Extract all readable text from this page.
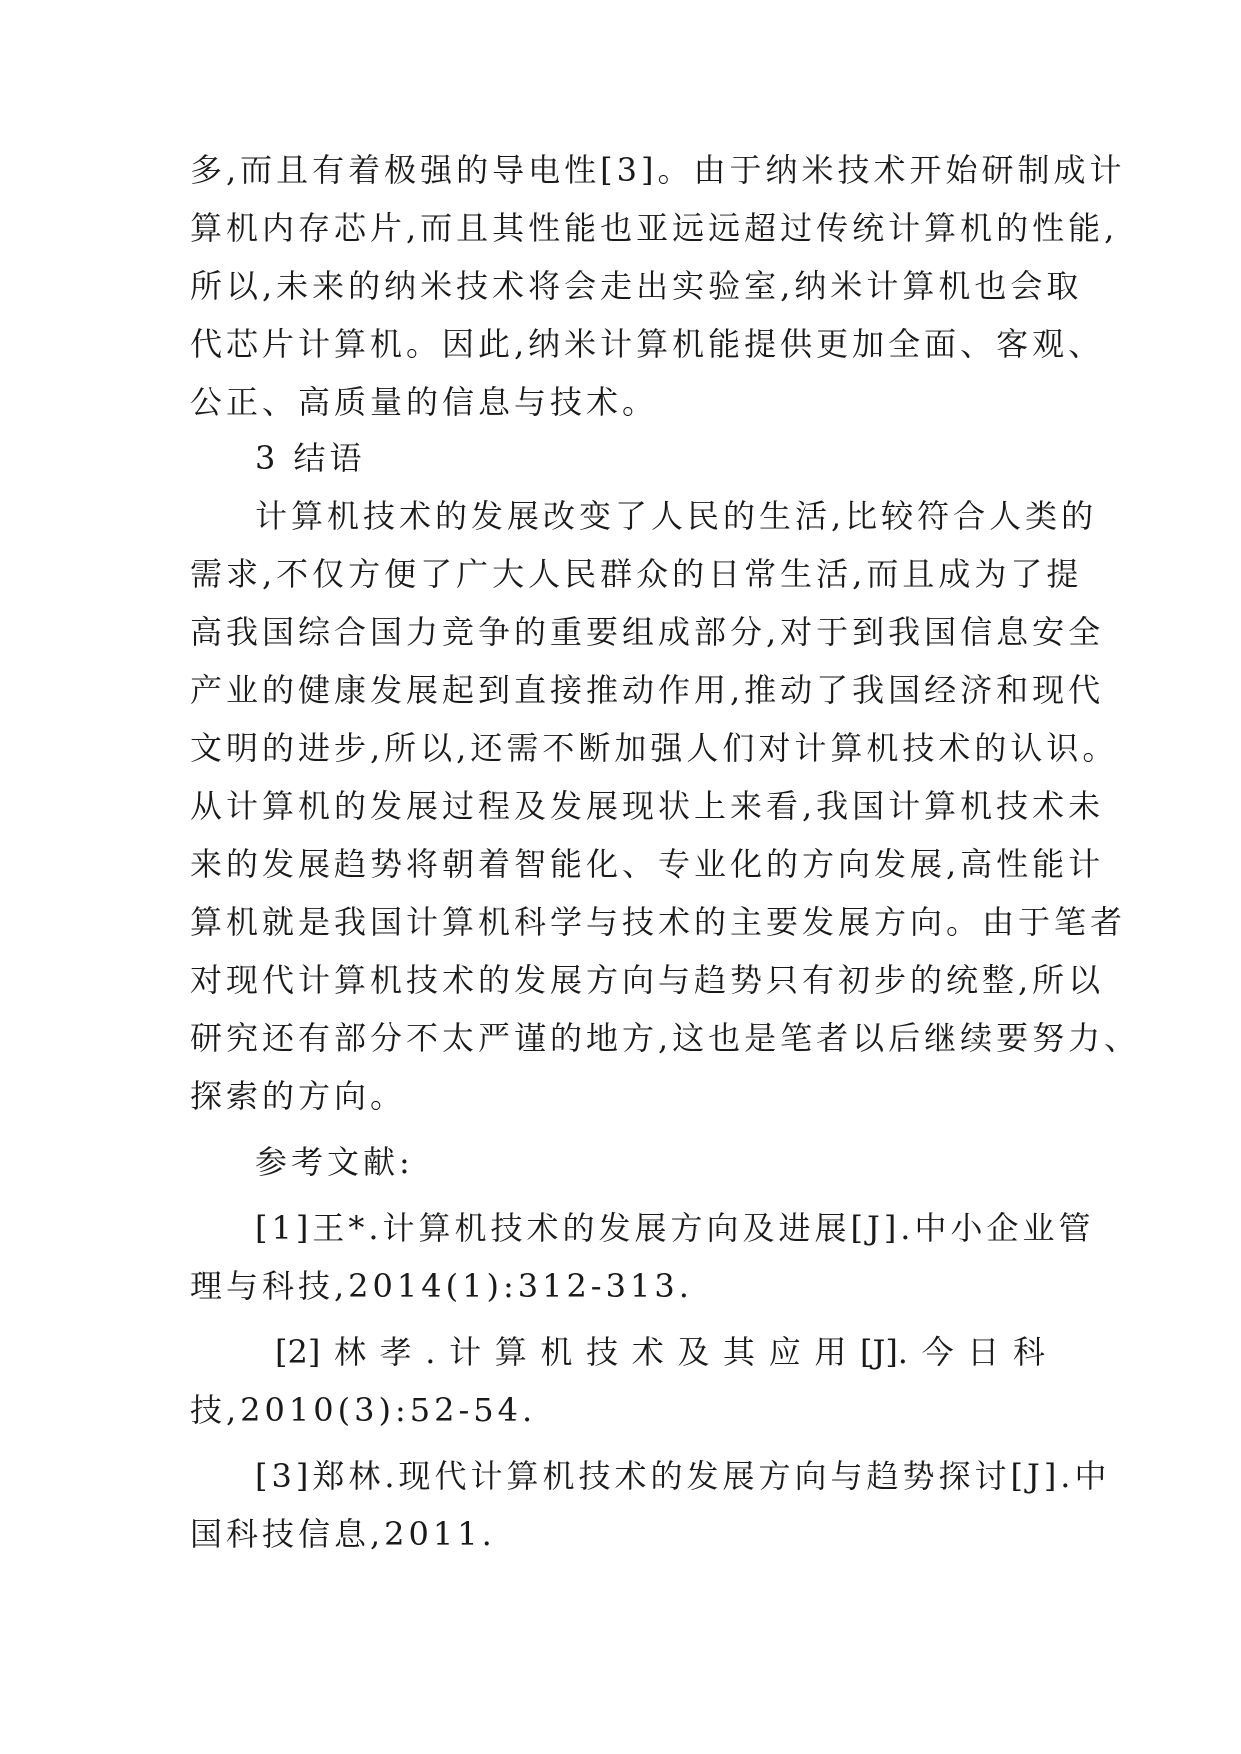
多,而且有着极强的导电性[3]。由于纳米技术开始研制成计
算机内存芯片,而且其性能也亚远远超过传统计算机的性能,
所以,未来的纳米技术将会走出实验室,纳米计算机也会取
代芯片计算机。因此,纳米计算机能提供更加全面、客观、
公正、高质量的信息与技术。
3 结语
计算机技术的发展改变了人民的生活,比较符合人类的
需求,不仅方便了广大人民群众的日常生活,而且成为了提
高我国综合国力竞争的重要组成部分,对于到我国信息安全
产业的健康发展起到直接推动作用,推动了我国经济和现代
文明的进步,所以,还需不断加强人们对计算机技术的认识。
从计算机的发展过程及发展现状上来看,我国计算机技术未
来的发展趋势将朝着智能化、专业化的方向发展,高性能计
算机就是我国计算机科学与技术的主要发展方向。由于笔者
对现代计算机技术的发展方向与趋势只有初步的统整,所以
研究还有部分不太严谨的地方,这也是笔者以后继续要努力、
探索的方向。
参考文献:
[1]王*.计算机技术的发展方向及进展[J].中小企业管
理与科技,2014(1):312-313.
[2] 林 孝 . 计 算 机 技 术 及 其 应 用 [J]. 今 日 科
技,2010(3):52-54.
[3]郑林.现代计算机技术的发展方向与趋势探讨[J].中
国科技信息,2011.
